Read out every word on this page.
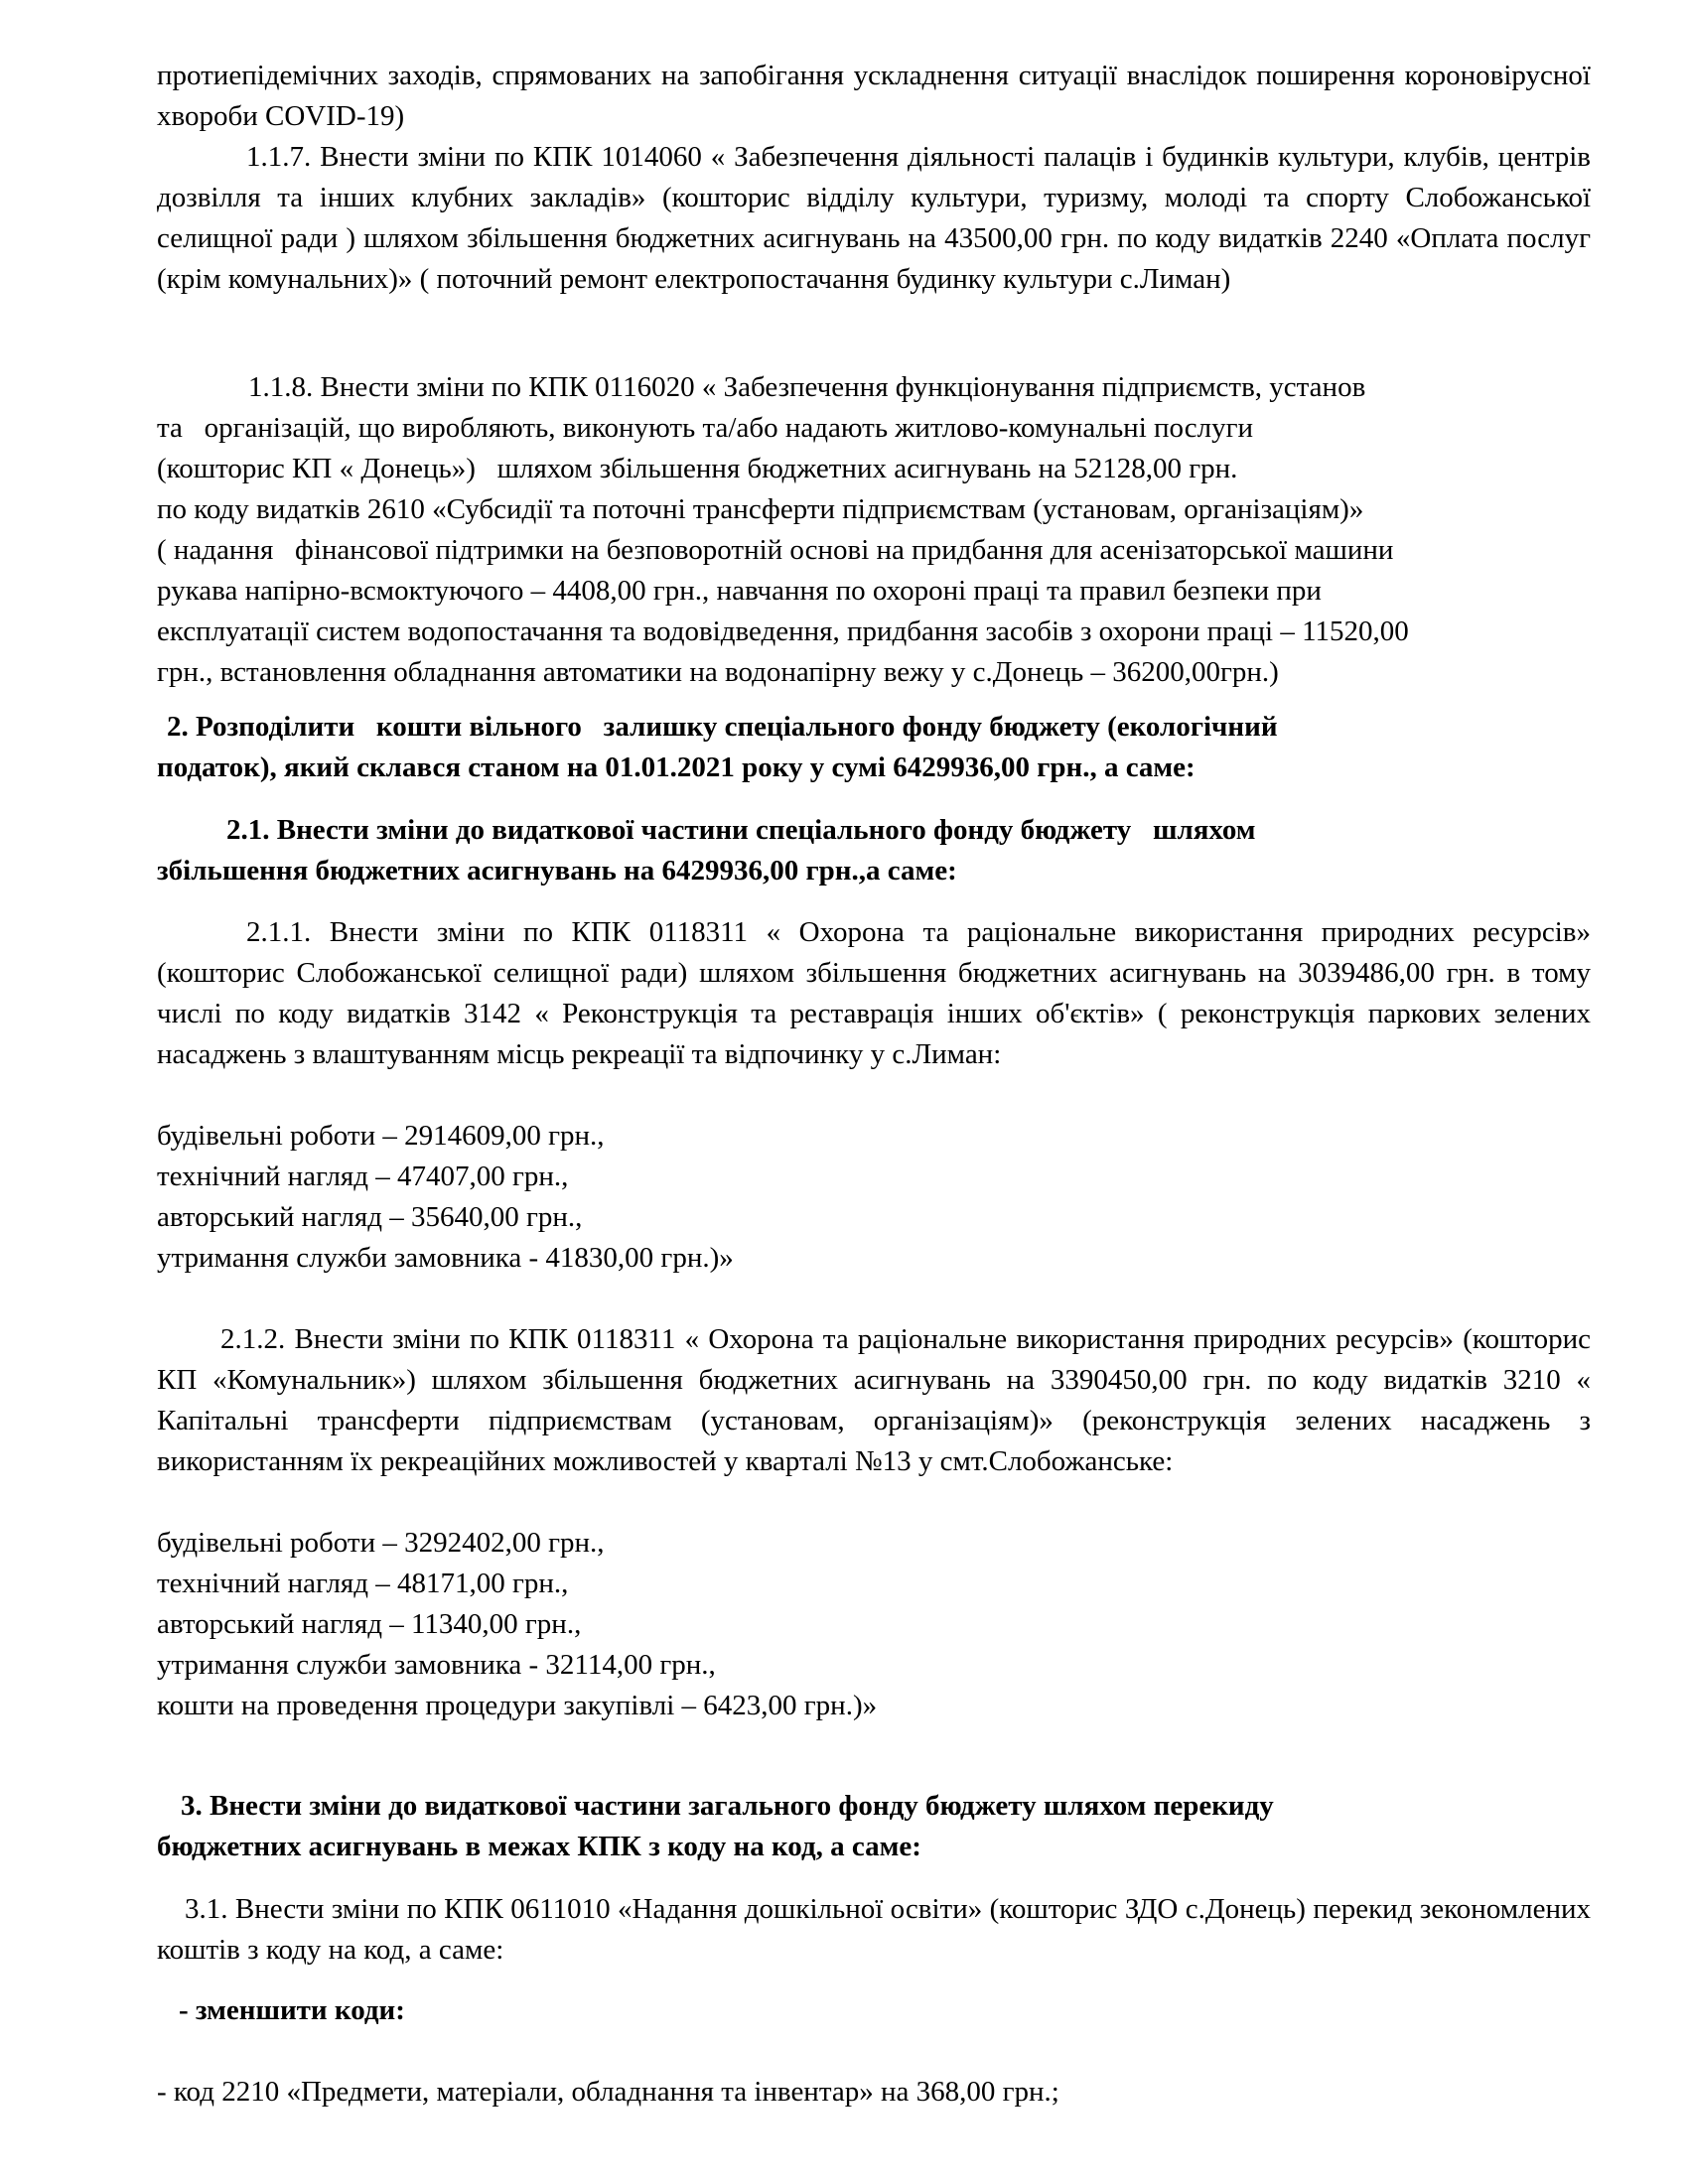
протиепідемічних заходів, спрямованих на запобігання ускладнення ситуації внаслідок поширення короновірусної хвороби COVID-19)

1.1.7. Внести зміни по КПК 1014060 « Забезпечення діяльності палаців і будинків культури, клубів, центрів дозвілля та інших клубних закладів» (кошторис відділу культури, туризму, молоді та спорту Слобожанської селищної ради ) шляхом збільшення бюджетних асигнувань на 43500,00 грн. по коду видатків 2240 «Оплата послуг (крім комунальних)» ( поточний ремонт електропостачання будинку культури с.Лиман)

1.1.8. Внести зміни по КПК 0116020 « Забезпечення функціонування підприємств, установ
та   організацій, що виробляють, виконують та/або надають житлово-комунальні послуги
(кошторис КП « Донець»)   шляхом збільшення бюджетних асигнувань на 52128,00 грн.
по коду видатків 2610 «Субсидії та поточні трансферти підприємствам (установам, організаціям)»
( надання   фінансової підтримки на безповоротній основі на придбання для асенізаторської машини
рукава напірно-всмоктуючого – 4408,00 грн., навчання по охороні праці та правил безпеки при
експлуатації систем водопостачання та водовідведення, придбання засобів з охорони праці – 11520,00
грн., встановлення обладнання автоматики на водонапірну вежу у с.Донець – 36200,00грн.)
2. Розподілити   кошти вільного   залишку спеціального фонду бюджету (екологічний
податок), який склався станом на 01.01.2021 року у сумі 6429936,00 грн., а саме:
2.1. Внести зміни до видаткової частини спеціального фонду бюджету   шляхом
збільшення бюджетних асигнувань на 6429936,00 грн.,а саме:

2.1.1. Внести зміни по КПК 0118311 « Охорона та раціональне використання природних ресурсів» (кошторис Слобожанської селищної ради) шляхом збільшення бюджетних асигнувань на 3039486,00 грн. в тому числі по коду видатків 3142 « Реконструкція та реставрація інших об'єктів» ( реконструкція паркових зелених насаджень з влаштуванням місць рекреації та відпочинку у с.Лиман:

будівельні роботи – 2914609,00 грн.,
технічний нагляд – 47407,00 грн.,
авторський нагляд – 35640,00 грн.,
утримання служби замовника - 41830,00 грн.)»

2.1.2. Внести зміни по КПК 0118311 « Охорона та раціональне використання природних ресурсів» (кошторис КП «Комунальник») шляхом збільшення бюджетних асигнувань на 3390450,00 грн. по коду видатків 3210 « Капітальні трансферти підприємствам (установам, організаціям)» (реконструкція зелених насаджень з використанням їх рекреаційних можливостей у кварталі №13 у смт.Слобожанське:

будівельні роботи – 3292402,00 грн.,
технічний нагляд – 48171,00 грн.,
авторський нагляд – 11340,00 грн.,
утримання служби замовника - 32114,00 грн.,
кошти на проведення процедури закупівлі – 6423,00 грн.)»
3. Внести зміни до видаткової частини загального фонду бюджету шляхом перекиду
бюджетних асигнувань в межах КПК з коду на код, а саме:

3.1. Внести зміни по КПК 0611010 «Надання дошкільної освіти» (кошторис ЗДО с.Донець) перекид зекономлених коштів з коду на код, а саме:

- зменшити коди:

- код 2210 «Предмети, матеріали, обладнання та інвентар» на 368,00 грн.;
